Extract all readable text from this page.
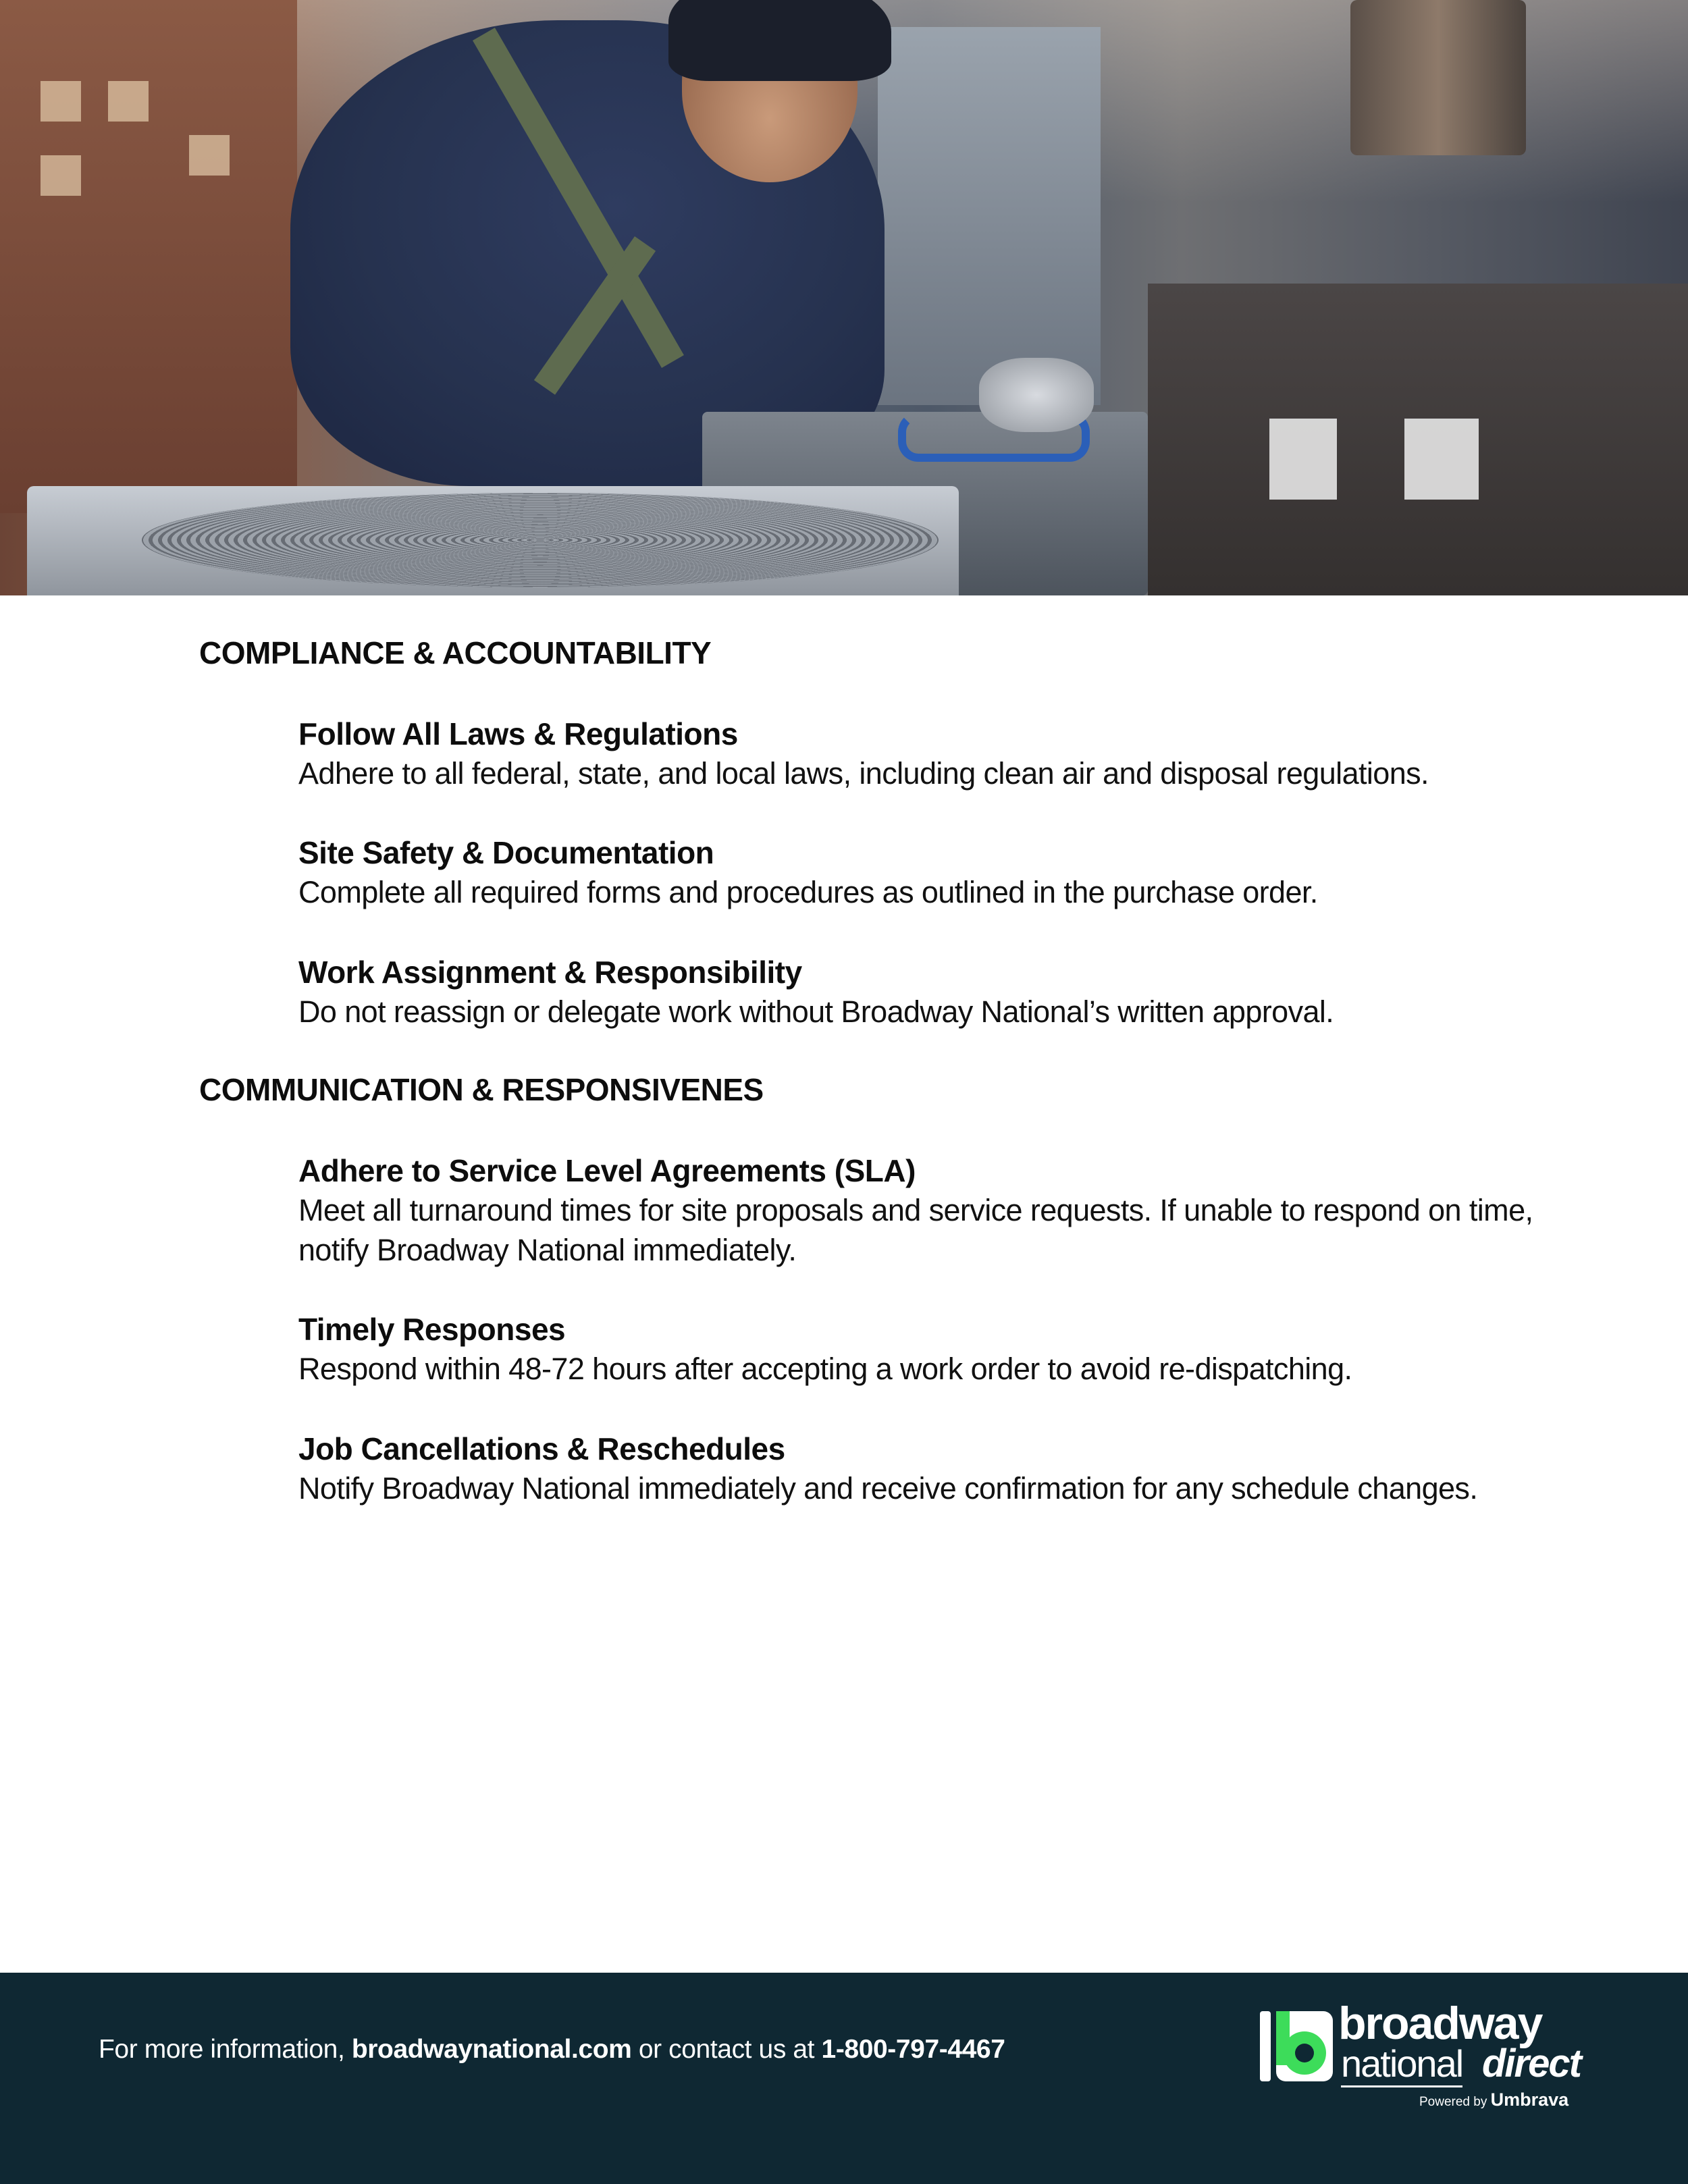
COMPLIANCE & ACCOUNTABILITY

Follow All Laws & Regulations

Adhere to all federal, state, and local laws, including clean air and disposal regulations.

Site Safety & Documentation

Complete all required forms and procedures as outlined in the purchase order.

Work Assignment & Responsibility

Do not reassign or delegate work without Broadway National’s written approval.

COMMUNICATION & RESPONSIVENES

Adhere to Service Level Agreements (SLA)

Meet all turnaround times for site proposals and service requests. If unable to respond on time, notify Broadway National immediately.

Timely Responses

Respond within 48-72 hours after accepting a work order to avoid re-dispatching.

Job Cancellations & Reschedules

Notify Broadway National immediately and receive confirmation for any schedule changes.

For more information, broadwaynational.com or contact us at 1-800-797-4467
broadway
national direct
Powered by Umbrava
